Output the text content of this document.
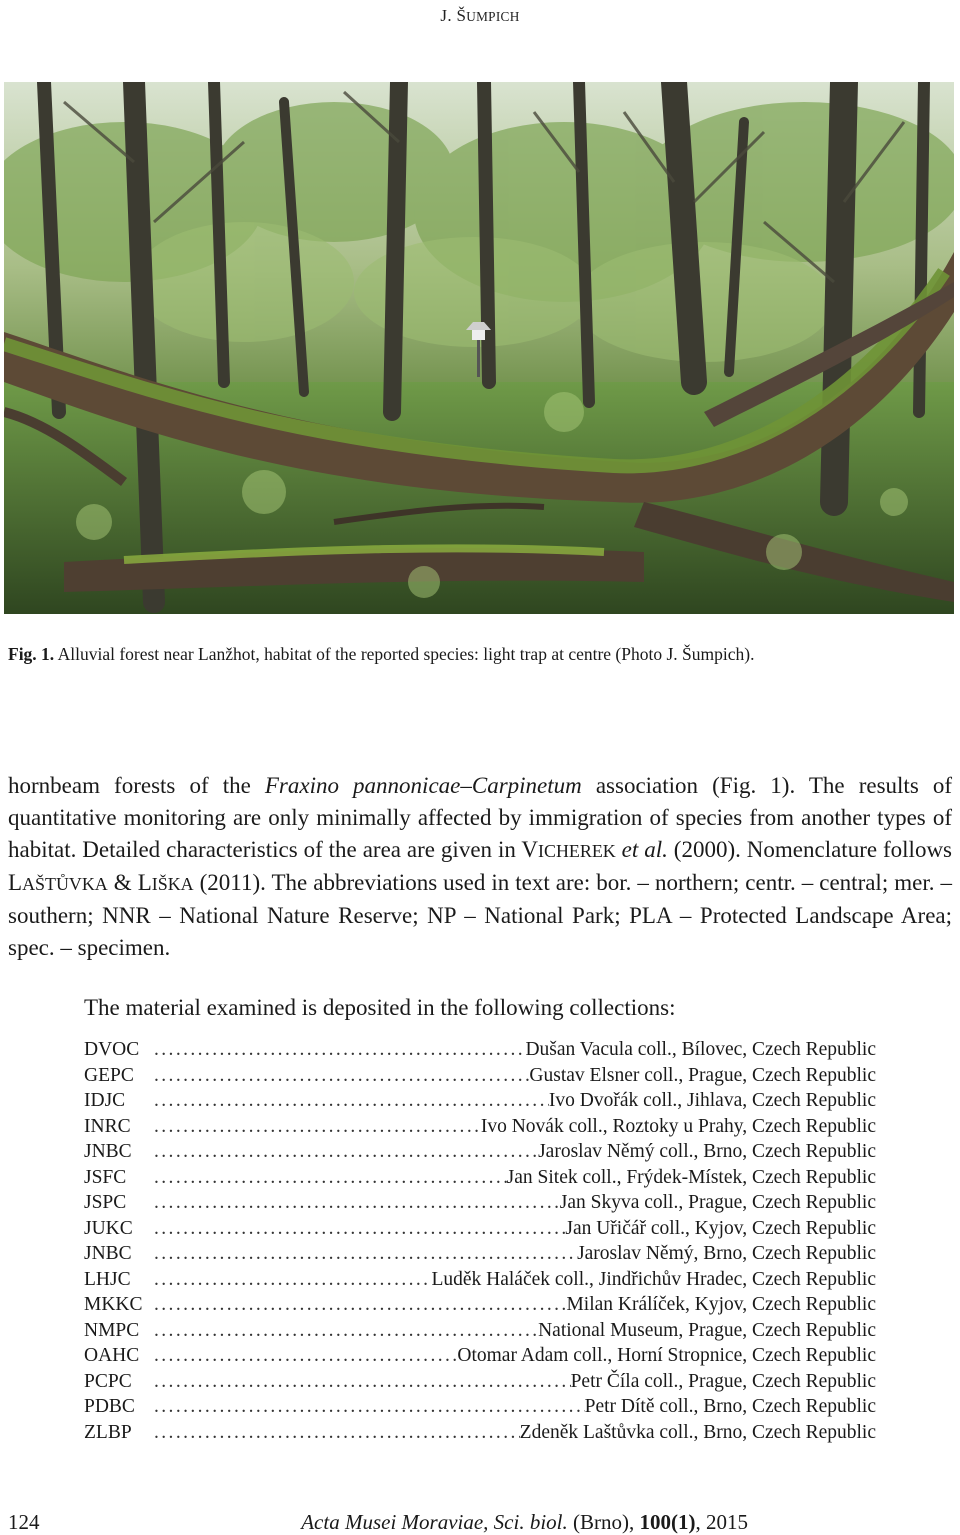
J. ŠUMPICH
Fig. 1. Alluvial forest near Lanžhot, habitat of the reported species: light trap at centre (Photo J. Šumpich).

hornbeam forests of the Fraxino pannonicae–Carpinetum association (Fig. 1). The results of quantitative monitoring are only minimally affected by immigration of species from another types of habitat. Detailed characteristics of the area are given in VICHEREK et al. (2000). Nomenclature follows LAŠTŮVKA & LIŠKA (2011). The abbreviations used in text are: bor. – northern; centr. – central; mer. – southern; NNR – National Nature Reserve; NP – National Park; PLA – Protected Landscape Area; spec. – specimen.

The material examined is deposited in the following collections:

DVOC .....	Dušan Vacula coll., Bílovec, Czech Republic
GEPC .....	Gustav Elsner coll., Prague, Czech Republic
IDJC .....	Ivo Dvořák coll., Jihlava, Czech Republic
INRC .....	Ivo Novák coll., Roztoky u Prahy, Czech Republic
JNBC .....	Jaroslav Němý coll., Brno, Czech Republic
JSFC .....	Jan Sitek coll., Frýdek-Místek, Czech Republic
JSPC .....	Jan Skyva coll., Prague, Czech Republic
JUKC .....	Jan Uřičář coll., Kyjov, Czech Republic
JNBC .....	Jaroslav Němý, Brno, Czech Republic
LHJC .....	Luděk Haláček coll., Jindřichův Hradec, Czech Republic
MKKC .....	Milan Králíček, Kyjov, Czech Republic
NMPC .....	National Museum, Prague, Czech Republic
OAHC .....	Otomar Adam coll., Horní Stropnice, Czech Republic
PCPC .....	Petr Číla coll., Prague, Czech Republic
PDBC .....	Petr Dítě coll., Brno, Czech Republic
ZLBP .....	Zdeněk Laštůvka coll., Brno, Czech Republic
124	Acta Musei Moraviae, Sci. biol. (Brno), 100(1), 2015
